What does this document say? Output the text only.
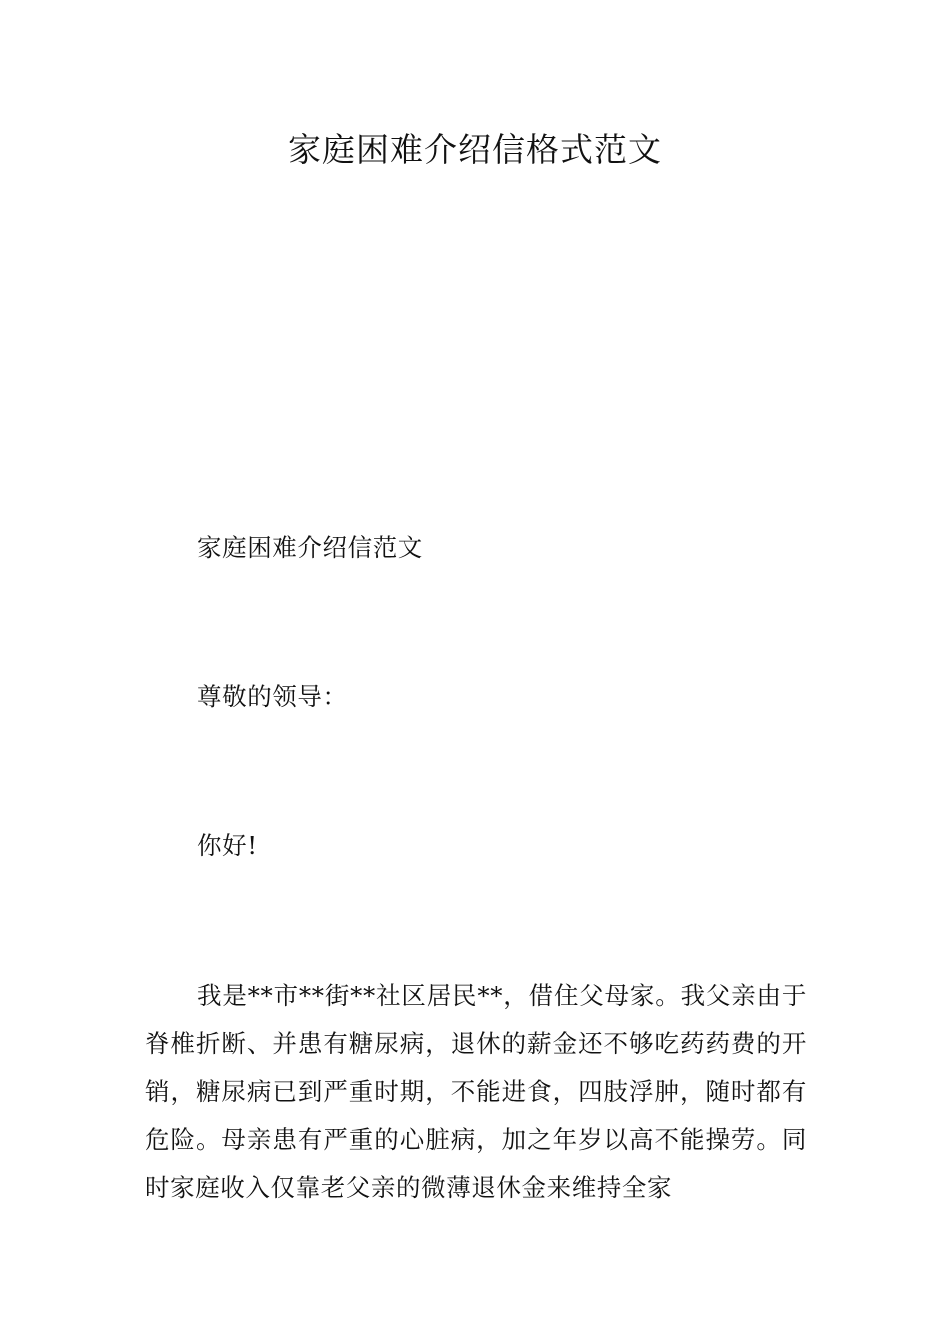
家庭困难介绍信格式范文

家庭困难介绍信范文

尊敬的领导：

你好!

我是**市**街**社区居民**，借住父母家。我父亲由于脊椎折断、并患有糖尿病，退休的薪金还不够吃药药费的开销，糖尿病已到严重时期，不能进食，四肢浮肿，随时都有危险。母亲患有严重的心脏病，加之年岁以高不能操劳。同时家庭收入仅靠老父亲的微薄退休金来维持全家
